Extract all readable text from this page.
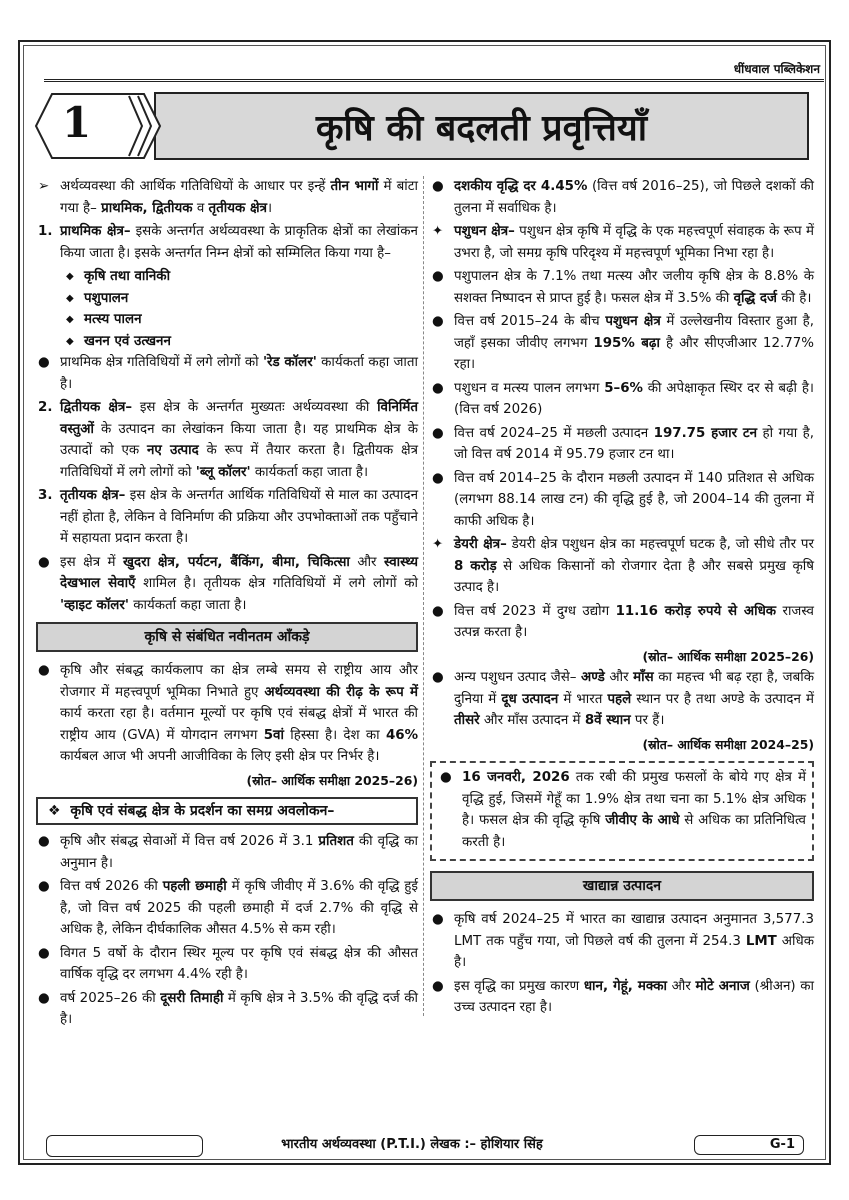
धींधवाल पब्लिकेशन
कृषि की बदलती प्रवृत्तियाँ
1
➢ अर्थव्यवस्था की आर्थिक गतिविधियों के आधार पर इन्हें तीन भागों में बांटा गया है– प्राथमिक, द्वितीयक व तृतीयक क्षेत्र।
1. प्राथमिक क्षेत्र– इसके अन्तर्गत अर्थव्यवस्था के प्राकृतिक क्षेत्रों का लेखांकन किया जाता है। इसके अन्तर्गत निम्न क्षेत्रों को सम्मिलित किया गया है–
◆ कृषि तथा वानिकी
◆ पशुपालन
◆ मत्स्य पालन
◆ खनन एवं उत्खनन
● प्राथमिक क्षेत्र गतिविधियों में लगे लोगों को 'रेड कॉलर' कार्यकर्ता कहा जाता है।
2. द्वितीयक क्षेत्र– इस क्षेत्र के अन्तर्गत मुख्यतः अर्थव्यवस्था की विनिर्मित वस्तुओं के उत्पादन का लेखांकन किया जाता है। यह प्राथमिक क्षेत्र के उत्पादों को एक नए उत्पाद के रूप में तैयार करता है। द्वितीयक क्षेत्र गतिविधियों में लगे लोगों को 'ब्लू कॉलर' कार्यकर्ता कहा जाता है।
3. तृतीयक क्षेत्र– इस क्षेत्र के अन्तर्गत आर्थिक गतिविधियों से माल का उत्पादन नहीं होता है, लेकिन वे विनिर्माण की प्रक्रिया और उपभोक्ताओं तक पहुँचाने में सहायता प्रदान करता है।
● इस क्षेत्र में खुदरा क्षेत्र, पर्यटन, बैंकिंग, बीमा, चिकित्सा और स्वास्थ्य देखभाल सेवाएँ शामिल है। तृतीयक क्षेत्र गतिविधियों में लगे लोगों को 'व्हाइट कॉलर' कार्यकर्ता कहा जाता है।
कृषि से संबंधित नवीनतम आँकड़े
● कृषि और संबद्ध कार्यकलाप का क्षेत्र लम्बे समय से राष्ट्रीय आय और रोजगार में महत्त्वपूर्ण भूमिका निभाते हुए अर्थव्यवस्था की रीढ़ के रूप में कार्य करता रहा है। वर्तमान मूल्यों पर कृषि एवं संबद्ध क्षेत्रों में भारत की राष्ट्रीय आय (GVA) में योगदान लगभग 5वां हिस्सा है। देश का 46% कार्यबल आज भी अपनी आजीविका के लिए इसी क्षेत्र पर निर्भर है।
(स्रोत– आर्थिक समीक्षा 2025–26)
❖  कृषि एवं संबद्ध क्षेत्र के प्रदर्शन का समग्र अवलोकन–
● कृषि और संबद्ध सेवाओं में वित्त वर्ष 2026 में 3.1 प्रतिशत की वृद्धि का अनुमान है।
● वित्त वर्ष 2026 की पहली छमाही में कृषि जीवीए में 3.6% की वृद्धि हुई है, जो वित्त वर्ष 2025 की पहली छमाही में दर्ज 2.7% की वृद्धि से अधिक है, लेकिन दीर्घकालिक औसत 4.5% से कम रही।
● विगत 5 वर्षो के दौरान स्थिर मूल्य पर कृषि एवं संबद्ध क्षेत्र की औसत वार्षिक वृद्धि दर लगभग 4.4% रही है।
● वर्ष 2025–26 की दूसरी तिमाही में कृषि क्षेत्र ने 3.5% की वृद्धि दर्ज की है।
● दशकीय वृद्धि दर 4.45% (वित्त वर्ष 2016–25), जो पिछले दशकों की तुलना में सर्वाधिक है।
✦ पशुधन क्षेत्र– पशुधन क्षेत्र कृषि में वृद्धि के एक महत्त्वपूर्ण संवाहक के रूप में उभरा है, जो समग्र कृषि परिदृश्य में महत्त्वपूर्ण भूमिका निभा रहा है।
● पशुपालन क्षेत्र के 7.1% तथा मत्स्य और जलीय कृषि क्षेत्र के 8.8% के सशक्त निष्पादन से प्राप्त हुई है। फसल क्षेत्र में 3.5% की वृद्धि दर्ज की है।
● वित्त वर्ष 2015–24 के बीच पशुधन क्षेत्र में उल्लेखनीय विस्तार हुआ है, जहाँ इसका जीवीए लगभग 195% बढ़ा है और सीएजीआर 12.77% रहा।
● पशुधन व मत्स्य पालन लगभग 5–6% की अपेक्षाकृत स्थिर दर से बढ़ी है। (वित्त वर्ष 2026)
● वित्त वर्ष 2024–25 में मछली उत्पादन 197.75 हजार टन हो गया है, जो वित्त वर्ष 2014 में 95.79 हजार टन था।
● वित्त वर्ष 2014–25 के दौरान मछली उत्पादन में 140 प्रतिशत से अधिक (लगभग 88.14 लाख टन) की वृद्धि हुई है, जो 2004–14 की तुलना में काफी अधिक है।
✦ डेयरी क्षेत्र– डेयरी क्षेत्र पशुधन क्षेत्र का महत्त्वपूर्ण घटक है, जो सीधे तौर पर 8 करोड़ से अधिक किसानों को रोजगार देता है और सबसे प्रमुख कृषि उत्पाद है।
● वित्त वर्ष 2023 में दुग्ध उद्योग 11.16 करोड़ रुपये से अधिक राजस्व उत्पन्न करता है।
(स्रोत– आर्थिक समीक्षा 2025–26)
● अन्य पशुधन उत्पाद जैसे– अण्डे और माँस का महत्त्व भी बढ़ रहा है, जबकि दुनिया में दूध उत्पादन में भारत पहले स्थान पर है तथा अण्डे के उत्पादन में तीसरे और माँस उत्पादन में 8वें स्थान पर हैं।
(स्रोत– आर्थिक समीक्षा 2024–25)
● 16 जनवरी, 2026 तक रबी की प्रमुख फसलों के बोये गए क्षेत्र में वृद्धि हुई, जिसमें गेहूँ का 1.9% क्षेत्र तथा चना का 5.1% क्षेत्र अधिक है। फसल क्षेत्र की वृद्धि कृषि जीवीए के आधे से अधिक का प्रतिनिधित्व करती है।
खाद्यान्न उत्पादन
● कृषि वर्ष 2024–25 में भारत का खाद्यान्न उत्पादन अनुमानत 3,577.3 LMT तक पहुँच गया, जो पिछले वर्ष की तुलना में 254.3 LMT अधिक है।
● इस वृद्धि का प्रमुख कारण धान, गेहूं, मक्का और मोटे अनाज (श्रीअन) का उच्च उत्पादन रहा है।
भारतीय अर्थव्यवस्था (P.T.I.) लेखक :– होशियार सिंह	G-1
